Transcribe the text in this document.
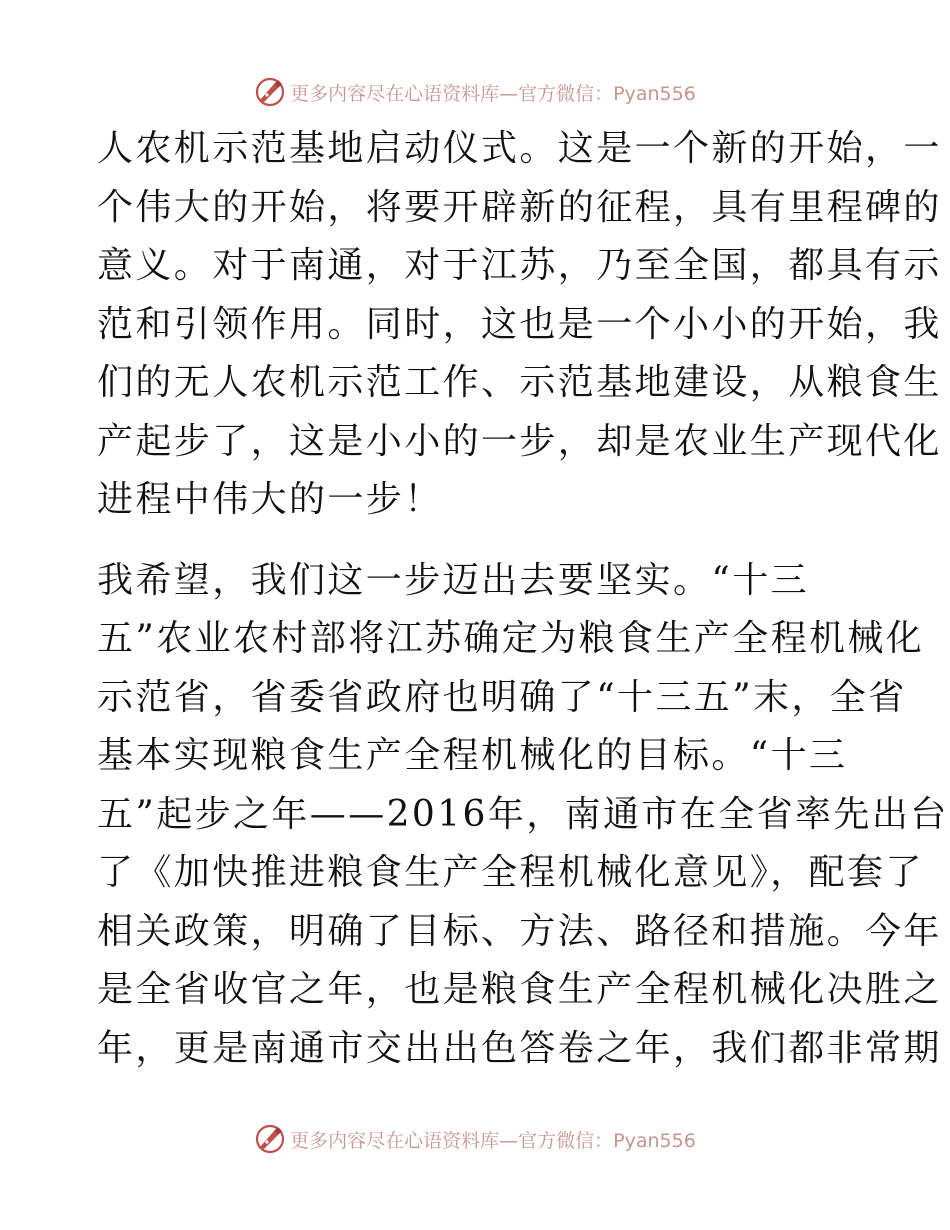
更多内容尽在心语资料库—官方微信：Pyan556
人农机示范基地启动仪式。这是一个新的开始，一
个伟大的开始，将要开辟新的征程，具有里程碑的
意义。对于南通，对于江苏，乃至全国，都具有示
范和引领作用。同时，这也是一个小小的开始，我
们的无人农机示范工作、示范基地建设，从粮食生
产起步了，这是小小的一步，却是农业生产现代化
进程中伟大的一步！
我希望，我们这一步迈出去要坚实。“十三
五”农业农村部将江苏确定为粮食生产全程机械化
示范省，省委省政府也明确了“十三五”末，全省
基本实现粮食生产全程机械化的目标。“十三
五”起步之年——2016年，南通市在全省率先出台
了《加快推进粮食生产全程机械化意见》，配套了
相关政策，明确了目标、方法、路径和措施。今年
是全省收官之年，也是粮食生产全程机械化决胜之
年，更是南通市交出出色答卷之年，我们都非常期
更多内容尽在心语资料库—官方微信：Pyan556
